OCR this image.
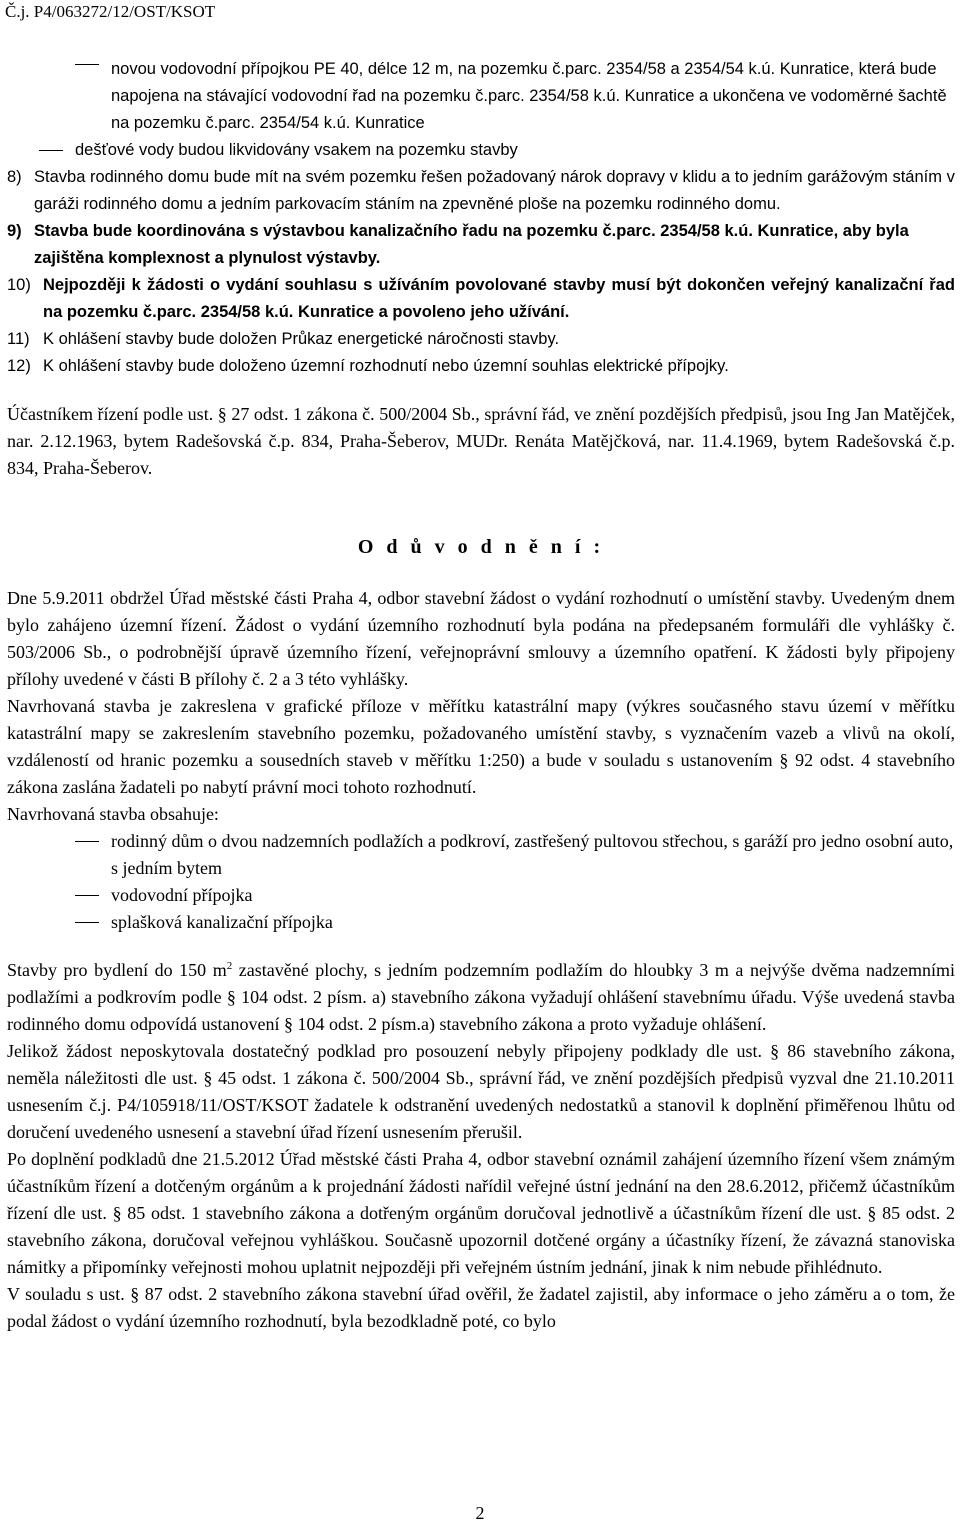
Č.j. P4/063272/12/OST/KSOT
novou vodovodní přípojkou PE 40, délce 12 m, na pozemku č.parc. 2354/58 a 2354/54 k.ú. Kunratice, která bude napojena na stávající vodovodní řad na pozemku č.parc. 2354/58 k.ú. Kunratice a ukončena ve vodoměrné šachtě na pozemku č.parc. 2354/54 k.ú. Kunratice
dešťové vody budou likvidovány vsakem na pozemku stavby
8) Stavba rodinného domu bude mít na svém pozemku řešen požadovaný nárok dopravy v klidu a to jedním garážovým stáním v garáži rodinného domu a jedním parkovacím stáním na zpevněné ploše na pozemku rodinného domu.
9) Stavba bude koordinována s výstavbou kanalizačního řadu na pozemku č.parc. 2354/58 k.ú. Kunratice, aby byla zajištěna komplexnost a plynulost výstavby.
10) Nejpozději k žádosti o vydání souhlasu s užíváním povolované stavby musí být dokončen veřejný kanalizační řad na pozemku č.parc. 2354/58 k.ú. Kunratice a povoleno jeho užívání.
11) K ohlášení stavby bude doložen Průkaz energetické náročnosti stavby.
12) K ohlášení stavby bude doloženo územní rozhodnutí nebo územní souhlas elektrické přípojky.

Účastníkem řízení podle ust. § 27 odst. 1 zákona č. 500/2004 Sb., správní řád, ve znění pozdějších předpisů, jsou Ing Jan Matějček, nar. 2.12.1963, bytem Radešovská č.p. 834, Praha-Šeberov, MUDr. Renáta Matějčková, nar. 11.4.1969, bytem Radešovská č.p. 834, Praha-Šeberov.

O d ů v o d n ě n í :

Dne 5.9.2011 obdržel Úřad městské části Praha 4, odbor stavební žádost o vydání rozhodnutí o umístění stavby. Uvedeným dnem bylo zahájeno územní řízení. Žádost o vydání územního rozhodnutí byla podána na předepsaném formuláři dle vyhlášky č. 503/2006 Sb., o podrobnější úpravě územního řízení, veřejnoprávní smlouvy a územního opatření. K žádosti byly připojeny přílohy uvedené v části B přílohy č. 2 a 3 této vyhlášky.

Navrhovaná stavba je zakreslena v grafické příloze v měřítku katastrální mapy (výkres současného stavu území v měřítku katastrální mapy se zakreslením stavebního pozemku, požadovaného umístění stavby, s vyznačením vazeb a vlivů na okolí, vzdáleností od hranic pozemku a sousedních staveb v měřítku 1:250) a bude v souladu s ustanovením § 92 odst. 4 stavebního zákona zaslána žadateli po nabytí právní moci tohoto rozhodnutí.

Navrhovaná stavba obsahuje:

rodinný dům o dvou nadzemních podlažích a podkroví, zastřešený pultovou střechou, s garáží pro jedno osobní auto, s jedním bytem
vodovodní přípojka
splašková kanalizační přípojka

Stavby pro bydlení do 150 $m^2$ zastavěné plochy, s jedním podzemním podlažím do hloubky 3 m a nejvýše dvěma nadzemními podlažími a podkrovím podle § 104 odst. 2 písm. a) stavebního zákona vyžadují ohlášení stavebnímu úřadu. Výše uvedená stavba rodinného domu odpovídá ustanovení § 104 odst. 2 písm.a) stavebního zákona a proto vyžaduje ohlášení.

Jelikož žádost neposkytovala dostatečný podklad pro posouzení nebyly připojeny podklady dle ust. § 86 stavebního zákona, neměla náležitosti dle ust. § 45 odst. 1 zákona č. 500/2004 Sb., správní řád, ve znění pozdějších předpisů vyzval dne 21.10.2011 usnesením č.j. P4/105918/11/OST/KSOT žadatele k odstranění uvedených nedostatků a stanovil k doplnění přiměřenou lhůtu od doručení uvedeného usnesení a stavební úřad řízení usnesením přerušil.

Po doplnění podkladů dne 21.5.2012 Úřad městské části Praha 4, odbor stavební oznámil zahájení územního řízení všem známým účastníkům řízení a dotčeným orgánům a k projednání žádosti nařídil veřejné ústní jednání na den 28.6.2012, přičemž účastníkům řízení dle ust. § 85 odst. 1 stavebního zákona a dotřeným orgánům doručoval jednotlivě a účastníkům řízení dle ust. § 85 odst. 2 stavebního zákona, doručoval veřejnou vyhláškou. Současně upozornil dotčené orgány a účastníky řízení, že závazná stanoviska námitky a připomínky veřejnosti mohou uplatnit nejpozději při veřejném ústním jednání, jinak k nim nebude přihlédnuto.

V souladu s ust. § 87 odst. 2 stavebního zákona stavební úřad ověřil, že žadatel zajistil, aby informace o jeho záměru a o tom, že podal žádost o vydání územního rozhodnutí, byla bezodkladně poté, co bylo

2
